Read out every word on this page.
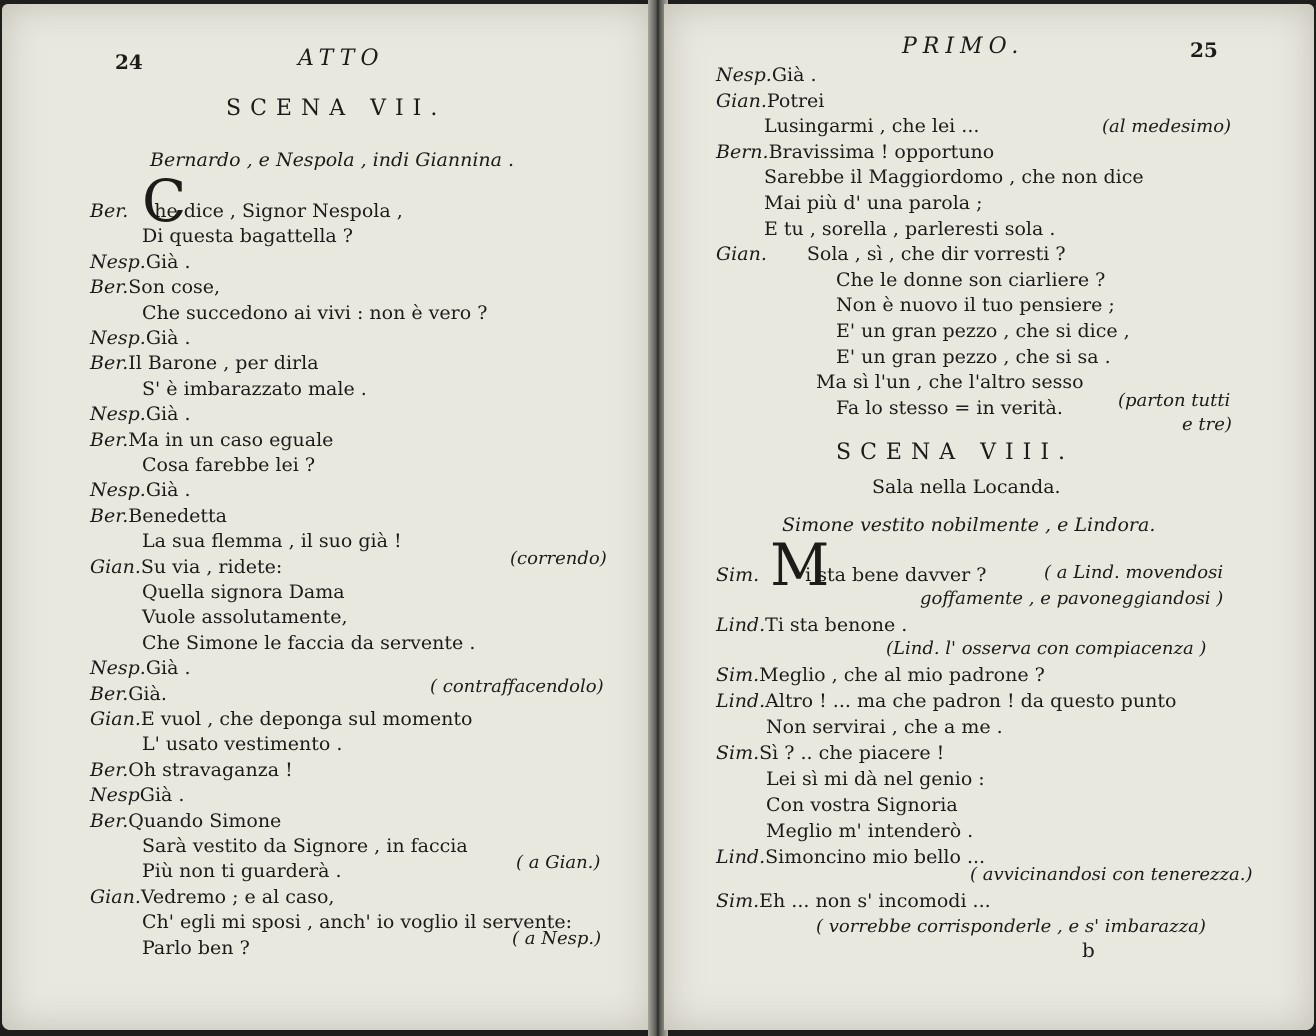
24	ATTO
SCENA VII.
Bernardo , e Nespola , indi Giannina .
C
Ber. he dice , Signor Nespola ,
Di questa bagattella ?
Nesp.Già .
Ber.Son cose,
Che succedono ai vivi : non è vero ?
Nesp.Già .
Ber.Il Barone , per dirla
S' è imbarazzato male .
Nesp.Già .
Ber.Ma in un caso eguale
Cosa farebbe lei ?
Nesp.Già .
Ber.Benedetta
La sua flemma , il suo già !
Gian.Su via , ridete:
Quella signora Dama
Vuole assolutamente,
Che Simone le faccia da servente .
Nesp.Già .
Ber.Già.
Gian.E vuol , che deponga sul momento
L' usato vestimento .
Ber.Oh stravaganza !
NespGià .
Ber.Quando Simone
Sarà vestito da Signore , in faccia
Più non ti guarderà .
Gian.Vedremo ; e al caso,
Ch' egli mi sposi , anch' io voglio il servente:
Parlo ben ?
(correndo)
( contraffacendolo)
( a Gian.)
( a Nesp.)
PRIMO.	25
Nesp.Già .
Gian.Potrei
Lusingarmi , che lei ...
Bern.Bravissima ! opportuno
Sarebbe il Maggiordomo , che non dice
Mai più d' una parola ;
E tu , sorella , parleresti sola .
Gian. Sola , sì , che dir vorresti ?
Che le donne son ciarliere ?
Non è nuovo il tuo pensiere ;
E' un gran pezzo , che si dice ,
E' un gran pezzo , che si sa .
Ma sì l'un , che l'altro sesso
Fa lo stesso = in verità.
(al medesimo)
(parton tutti
e tre)
SCENA VIII.
Sala nella Locanda.
Simone vestito nobilmente , e Lindora.
M
Sim. i sta bene davver ?
Lind.Ti sta benone .
Sim.Meglio , che al mio padrone ?
Lind.Altro ! ... ma che padron ! da questo punto
Non servirai , che a me .
Sim.Sì ? .. che piacere !
Lei sì mi dà nel genio :
Con vostra Signoria
Meglio m' intenderò .
Lind.Simoncino mio bello ...
Sim.Eh ... non s' incomodi ...
( a Lind. movendosi
goffamente , e pavoneggiandosi )
(Lind. l' osserva con compiacenza )
( avvicinandosi con tenerezza.)
( vorrebbe corrisponderle , e s' imbarazza)
b
